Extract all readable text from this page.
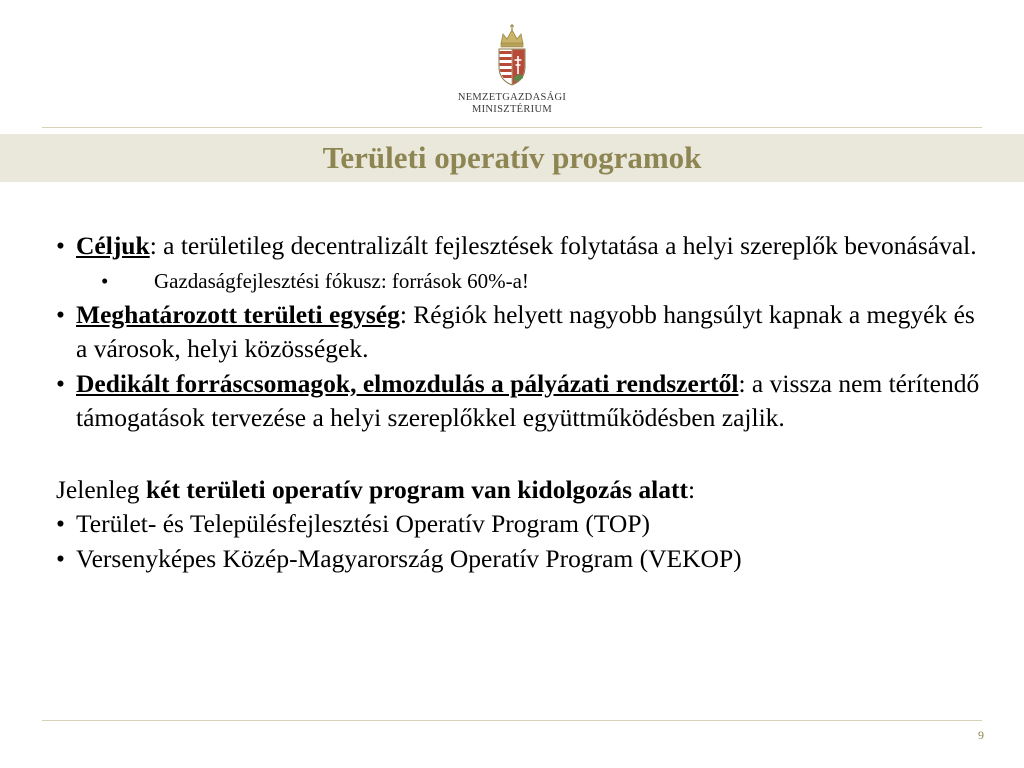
NEMZETGAZDASÁGI
MINISZTÉRIUM
Területi operatív programok
• Céljuk: a területileg decentralizált fejlesztések folytatása a helyi szereplők bevonásával.
• Gazdaságfejlesztési fókusz: források 60%-a!
• Meghatározott területi egység: Régiók helyett nagyobb hangsúlyt kapnak a megyék és a városok, helyi közösségek.
• Dedikált forráscsomagok, elmozdulás a pályázati rendszertől: a vissza nem térítendő támogatások tervezése a helyi szereplőkkel együttműködésben zajlik.
Jelenleg két területi operatív program van kidolgozás alatt:
• Terület- és Településfejlesztési Operatív Program (TOP)
• Versenyképes Közép-Magyarország Operatív Program (VEKOP)
9
